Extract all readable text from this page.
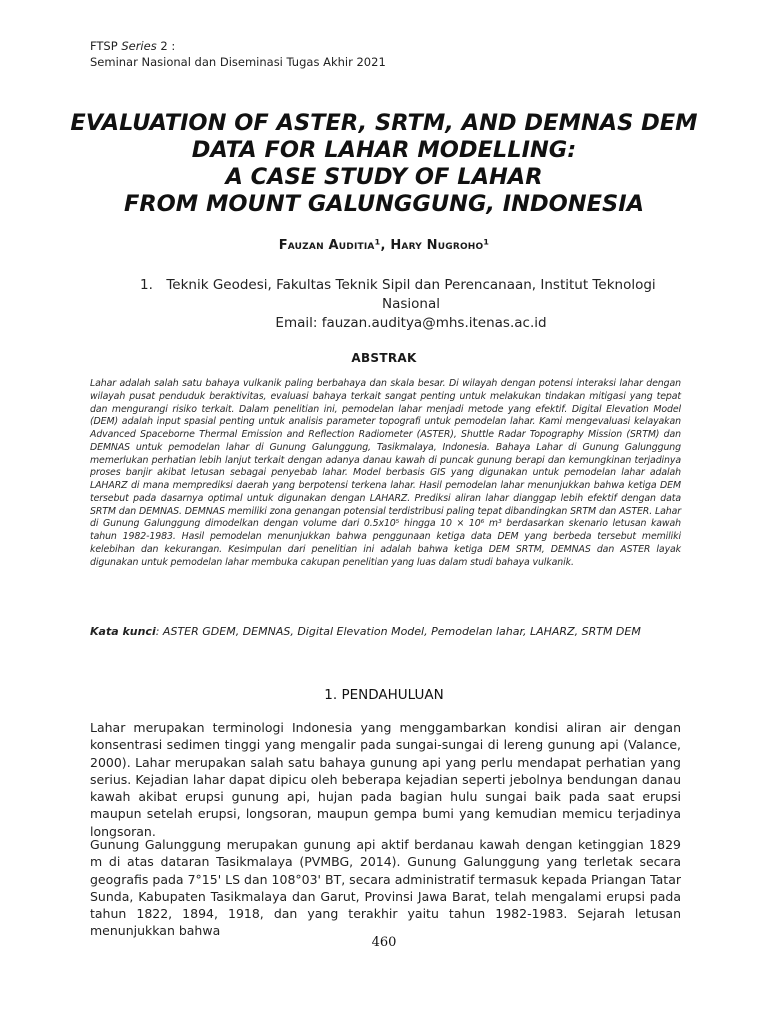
FTSP Series 2 :
Seminar Nasional dan Diseminasi Tugas Akhir 2021
EVALUATION OF ASTER, SRTM, AND DEMNAS DEM
DATA FOR LAHAR MODELLING:
A CASE STUDY OF LAHAR
FROM MOUNT GALUNGGUNG, INDONESIA
Fauzan Auditia¹, Hary Nugroho¹
1. Teknik Geodesi, Fakultas Teknik Sipil dan Perencanaan, Institut Teknologi
Nasional
Email: fauzan.auditya@mhs.itenas.ac.id
ABSTRAK
Lahar adalah salah satu bahaya vulkanik paling berbahaya dan skala besar. Di wilayah dengan potensi interaksi lahar dengan wilayah pusat penduduk beraktivitas, evaluasi bahaya terkait sangat penting untuk melakukan tindakan mitigasi yang tepat dan mengurangi risiko terkait. Dalam penelitian ini, pemodelan lahar menjadi metode yang efektif. Digital Elevation Model (DEM) adalah input spasial penting untuk analisis parameter topografi untuk pemodelan lahar. Kami mengevaluasi kelayakan Advanced Spaceborne Thermal Emission and Reflection Radiometer (ASTER), Shuttle Radar Topography Mission (SRTM) dan DEMNAS untuk pemodelan lahar di Gunung Galunggung, Tasikmalaya, Indonesia. Bahaya Lahar di Gunung Galunggung memerlukan perhatian lebih lanjut terkait dengan adanya danau kawah di puncak gunung berapi dan kemungkinan terjadinya proses banjir akibat letusan sebagai penyebab lahar. Model berbasis GIS yang digunakan untuk pemodelan lahar adalah LAHARZ di mana memprediksi daerah yang berpotensi terkena lahar. Hasil pemodelan lahar menunjukkan bahwa ketiga DEM tersebut pada dasarnya optimal untuk digunakan dengan LAHARZ. Prediksi aliran lahar dianggap lebih efektif dengan data SRTM dan DEMNAS. DEMNAS memiliki zona genangan potensial terdistribusi paling tepat dibandingkan SRTM dan ASTER. Lahar di Gunung Galunggung dimodelkan dengan volume dari 0.5x10⁵ hingga 10 × 10⁶ m³ berdasarkan skenario letusan kawah tahun 1982-1983. Hasil pemodelan menunjukkan bahwa penggunaan ketiga data DEM yang berbeda tersebut memiliki kelebihan dan kekurangan. Kesimpulan dari penelitian ini adalah bahwa ketiga DEM SRTM, DEMNAS dan ASTER layak digunakan untuk pemodelan lahar membuka cakupan penelitian yang luas dalam studi bahaya vulkanik.
Kata kunci: ASTER GDEM, DEMNAS, Digital Elevation Model, Pemodelan lahar, LAHARZ, SRTM DEM
1. PENDAHULUAN
Lahar merupakan terminologi Indonesia yang menggambarkan kondisi aliran air dengan konsentrasi sedimen tinggi yang mengalir pada sungai-sungai di lereng gunung api (Valance, 2000). Lahar merupakan salah satu bahaya gunung api yang perlu mendapat perhatian yang serius. Kejadian lahar dapat dipicu oleh beberapa kejadian seperti jebolnya bendungan danau kawah akibat erupsi gunung api, hujan pada bagian hulu sungai baik pada saat erupsi maupun setelah erupsi, longsoran, maupun gempa bumi yang kemudian memicu terjadinya longsoran.
Gunung Galunggung merupakan gunung api aktif berdanau kawah dengan ketinggian 1829 m di atas dataran Tasikmalaya (PVMBG, 2014). Gunung Galunggung yang terletak secara geografis pada 7°15' LS dan 108°03' BT, secara administratif termasuk kepada Priangan Tatar Sunda, Kabupaten Tasikmalaya dan Garut, Provinsi Jawa Barat, telah mengalami erupsi pada tahun 1822, 1894, 1918, dan yang terakhir yaitu tahun 1982-1983. Sejarah letusan menunjukkan bahwa
460
